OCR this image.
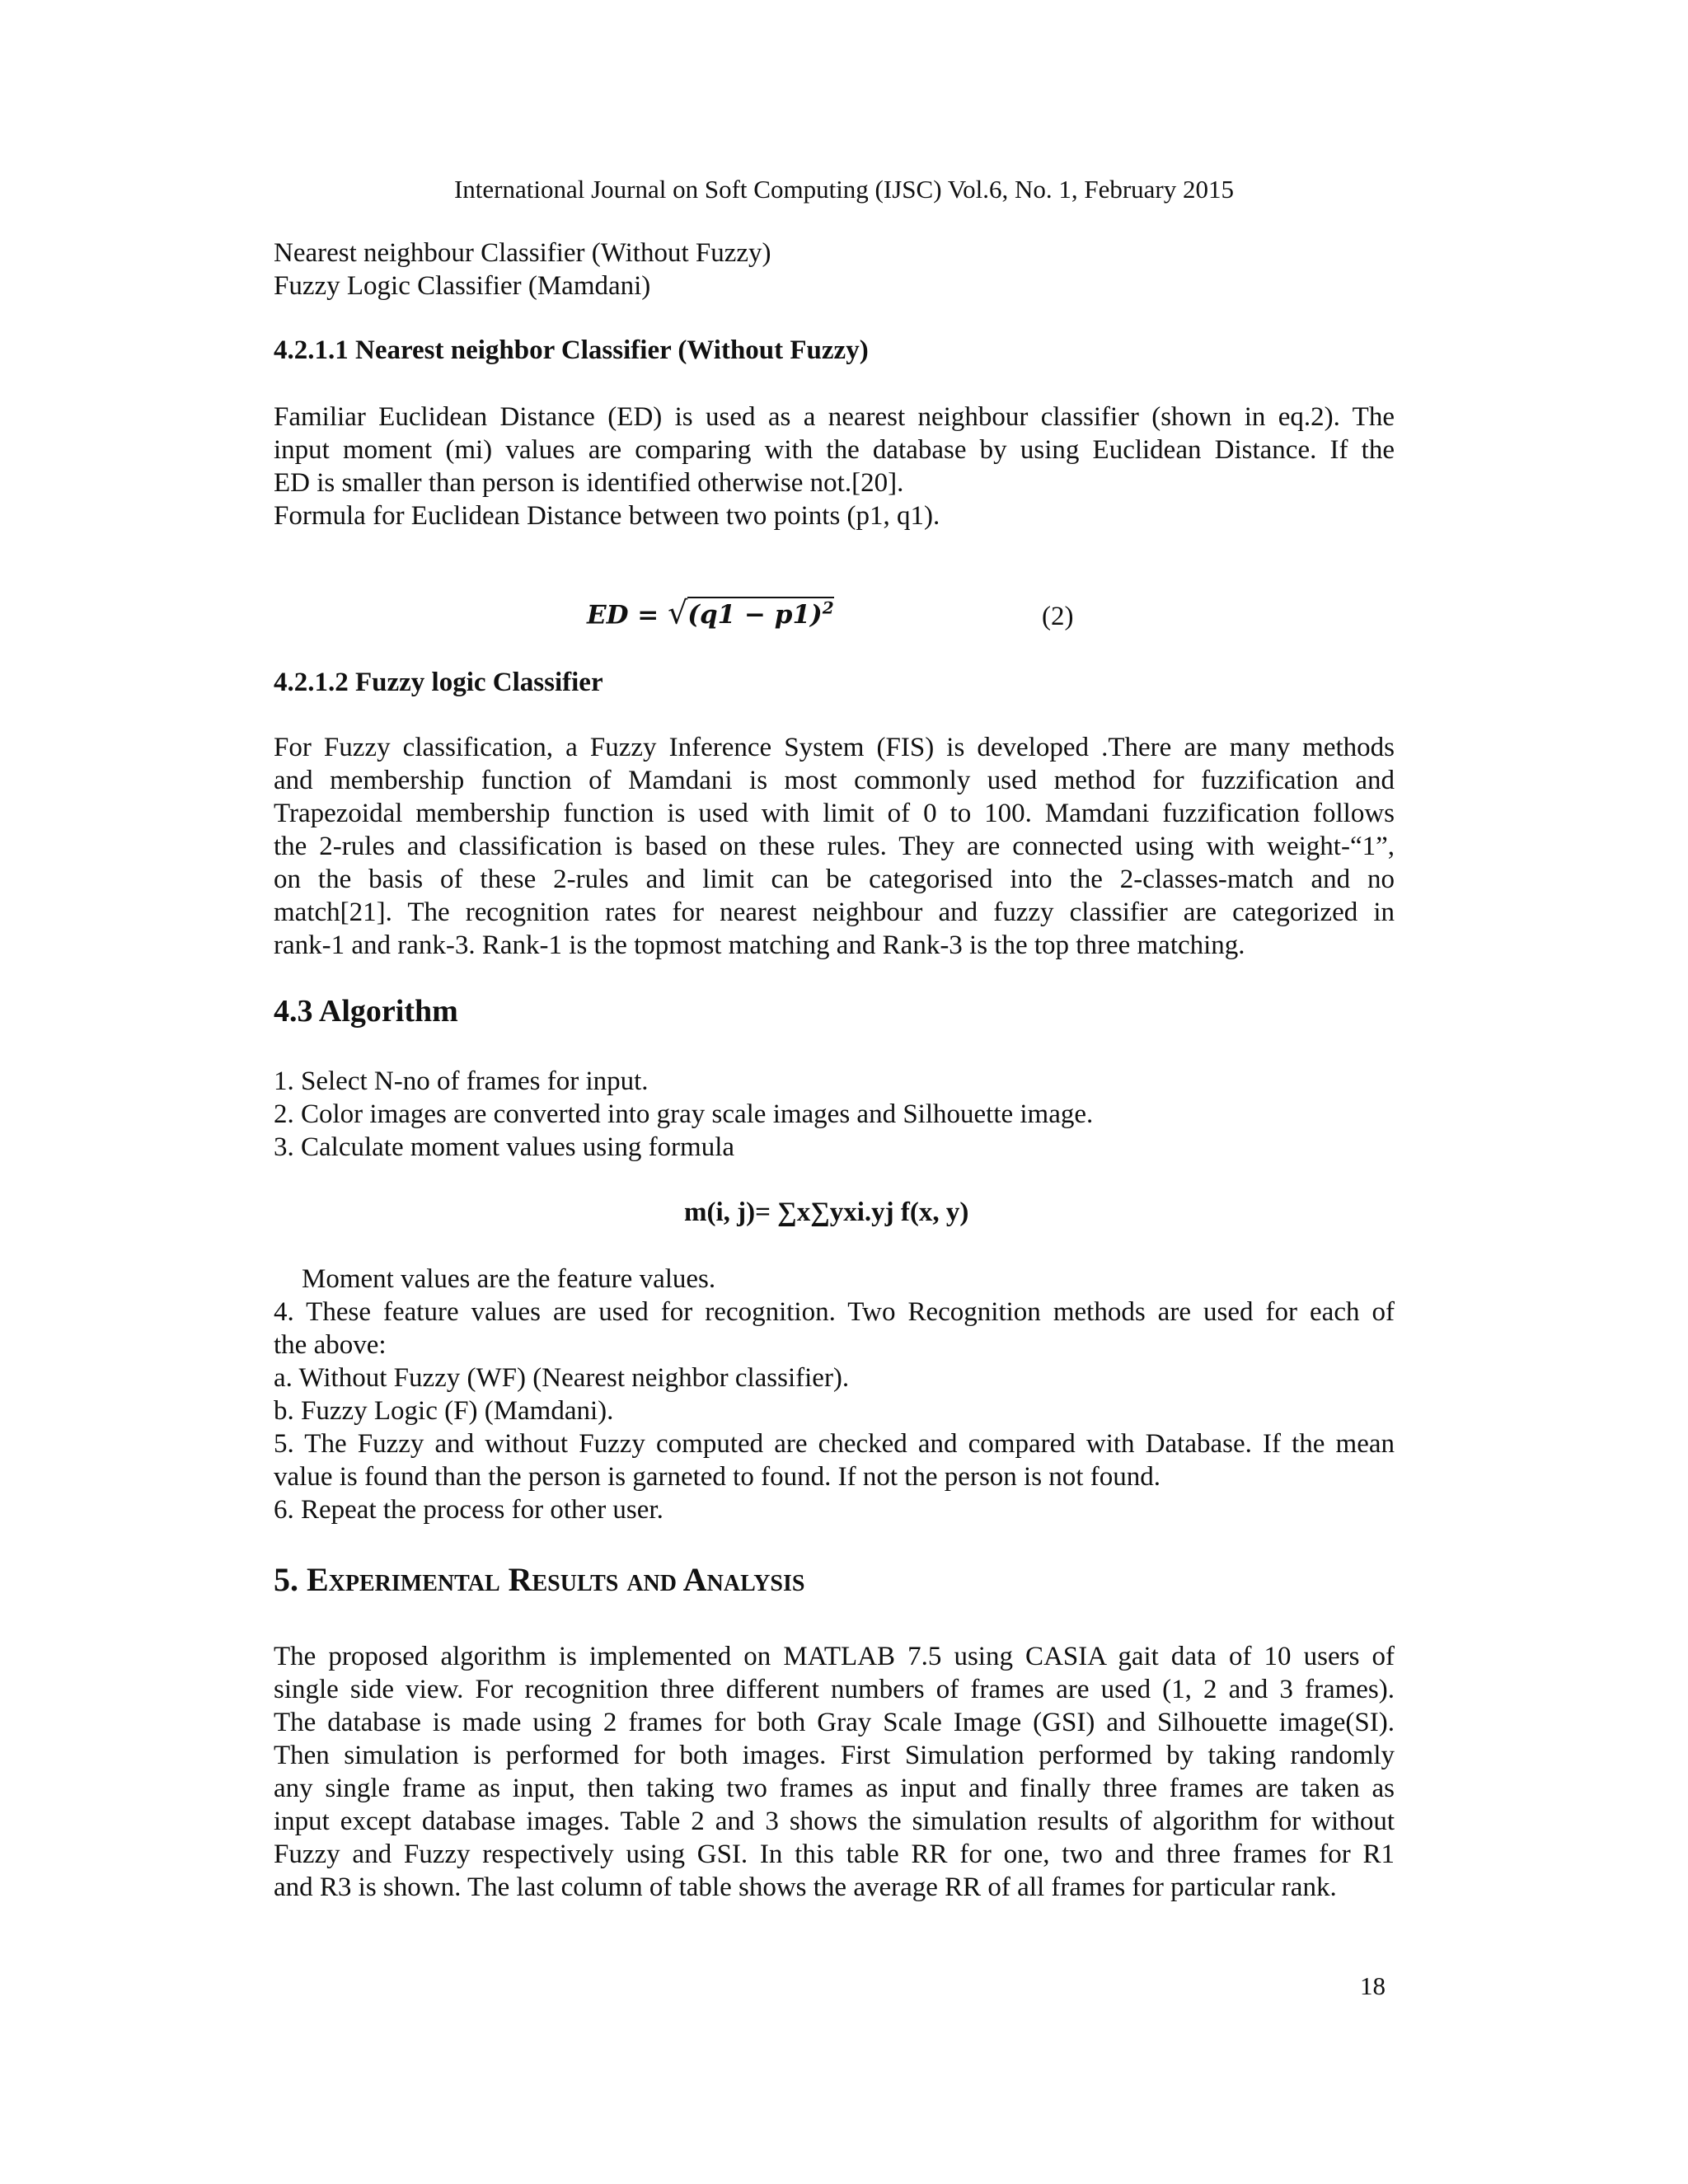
International Journal on Soft Computing (IJSC) Vol.6, No. 1, February 2015
Nearest neighbour Classifier (Without Fuzzy)
Fuzzy Logic Classifier (Mamdani)
4.2.1.1 Nearest neighbor Classifier (Without Fuzzy)
Familiar Euclidean Distance (ED) is used as a nearest neighbour classifier (shown in eq.2). The
input moment (mi) values are comparing with the database by using Euclidean Distance. If the
ED is smaller than person is identified otherwise not.[20].
Formula for Euclidean Distance between two points (p1, q1).
ED = $√(q1 - p1)^2$	(2)
4.2.1.2 Fuzzy logic Classifier
For Fuzzy classification, a Fuzzy Inference System (FIS) is developed .There are many methods
and membership function of Mamdani is most commonly used method for fuzzification and
Trapezoidal membership function is used with limit of 0 to 100. Mamdani fuzzification follows
the 2-rules and classification is based on these rules. They are connected using with weight-“1”,
on the basis of these 2-rules and limit can be categorised into the 2-classes-match and no
match[21]. The recognition rates for nearest neighbour and fuzzy classifier are categorized in
rank-1 and rank-3. Rank-1 is the topmost matching and Rank-3 is the top three matching.
4.3 Algorithm
1. Select N-no of frames for input.
2. Color images are converted into gray scale images and Silhouette image.
3. Calculate moment values using formula
m(i, j)= ∑x∑yxi.yj f(x, y)
Moment values are the feature values.
4. These feature values are used for recognition. Two Recognition methods are used for each of
the above:
a. Without Fuzzy (WF) (Nearest neighbor classifier).
b. Fuzzy Logic (F) (Mamdani).
5. The Fuzzy and without Fuzzy computed are checked and compared with Database. If the mean
value is found than the person is garneted to found. If not the person is not found.
6. Repeat the process for other user.
5. Experimental Results and Analysis
The proposed algorithm is implemented on MATLAB 7.5 using CASIA gait data of 10 users of
single side view. For recognition three different numbers of frames are used (1, 2 and 3 frames).
The database is made using 2 frames for both Gray Scale Image (GSI) and Silhouette image(SI).
Then simulation is performed for both images. First Simulation performed by taking randomly
any single frame as input, then taking two frames as input and finally three frames are taken as
input except database images. Table 2 and 3 shows the simulation results of algorithm for without
Fuzzy and Fuzzy respectively using GSI. In this table RR for one, two and three frames for R1
and R3 is shown. The last column of table shows the average RR of all frames for particular rank.
18
